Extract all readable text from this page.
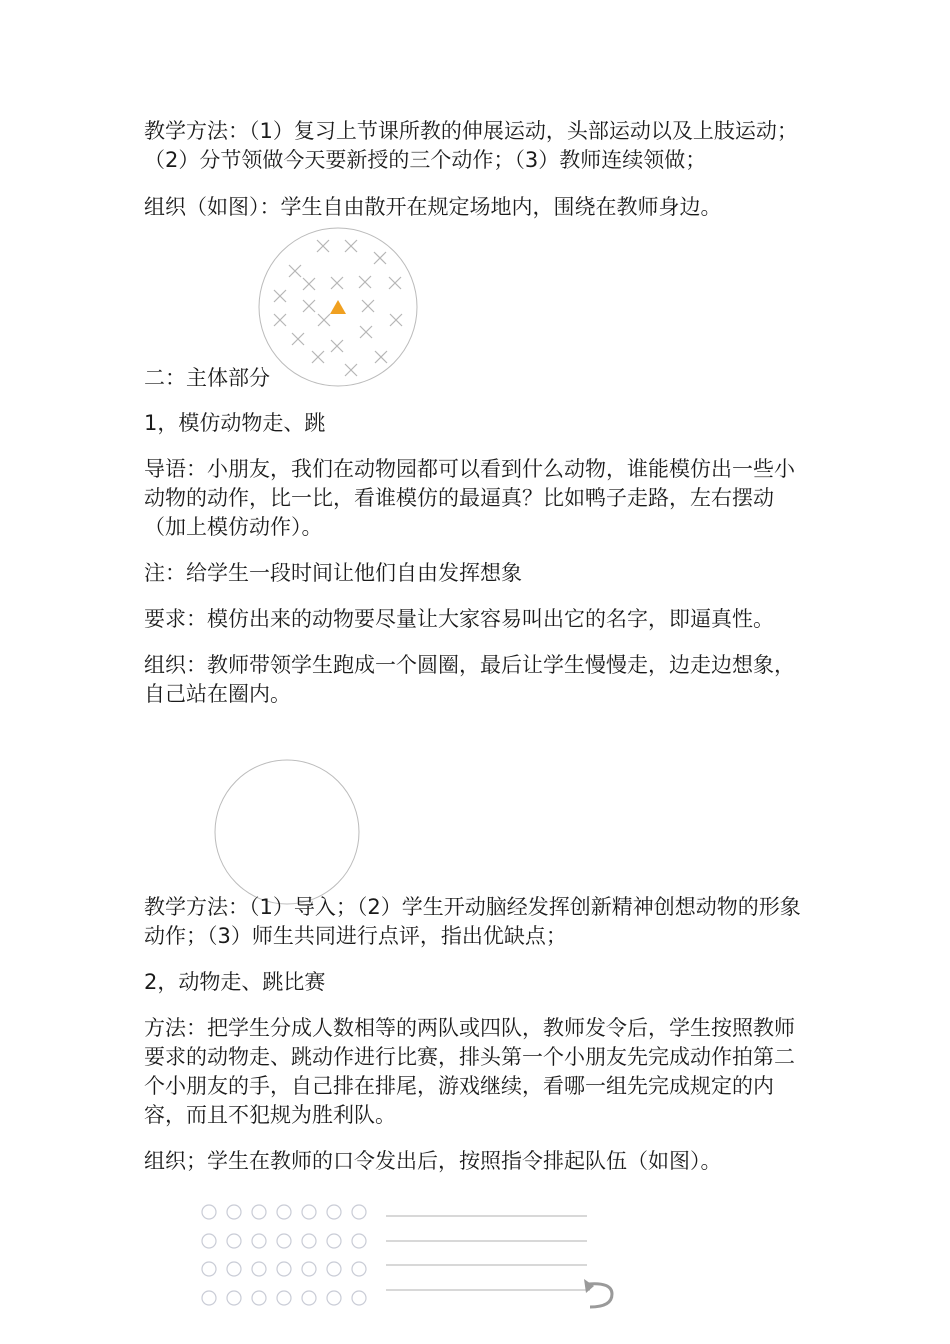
教学方法：（1）复习上节课所教的伸展运动，头部运动以及上肢运动；（2）分节领做今天要新授的三个动作；（3）教师连续领做；

组织（如图）：学生自由散开在规定场地内，围绕在教师身边。

二：主体部分

1，模仿动物走、跳

导语：小朋友，我们在动物园都可以看到什么动物，谁能模仿出一些小动物的动作，比一比，看谁模仿的最逼真？比如鸭子走路，左右摆动（加上模仿动作）。

注：给学生一段时间让他们自由发挥想象

要求：模仿出来的动物要尽量让大家容易叫出它的名字，即逼真性。

组织：教师带领学生跑成一个圆圈，最后让学生慢慢走，边走边想象，自己站在圈内。

教学方法：（1）导入；（2）学生开动脑经发挥创新精神创想动物的形象动作；（3）师生共同进行点评，指出优缺点；

2，动物走、跳比赛

方法：把学生分成人数相等的两队或四队，教师发令后，学生按照教师要求的动物走、跳动作进行比赛，排头第一个小朋友先完成动作拍第二个小朋友的手，自己排在排尾，游戏继续，看哪一组先完成规定的内容，而且不犯规为胜利队。

组织；学生在教师的口令发出后，按照指令排起队伍（如图）。
